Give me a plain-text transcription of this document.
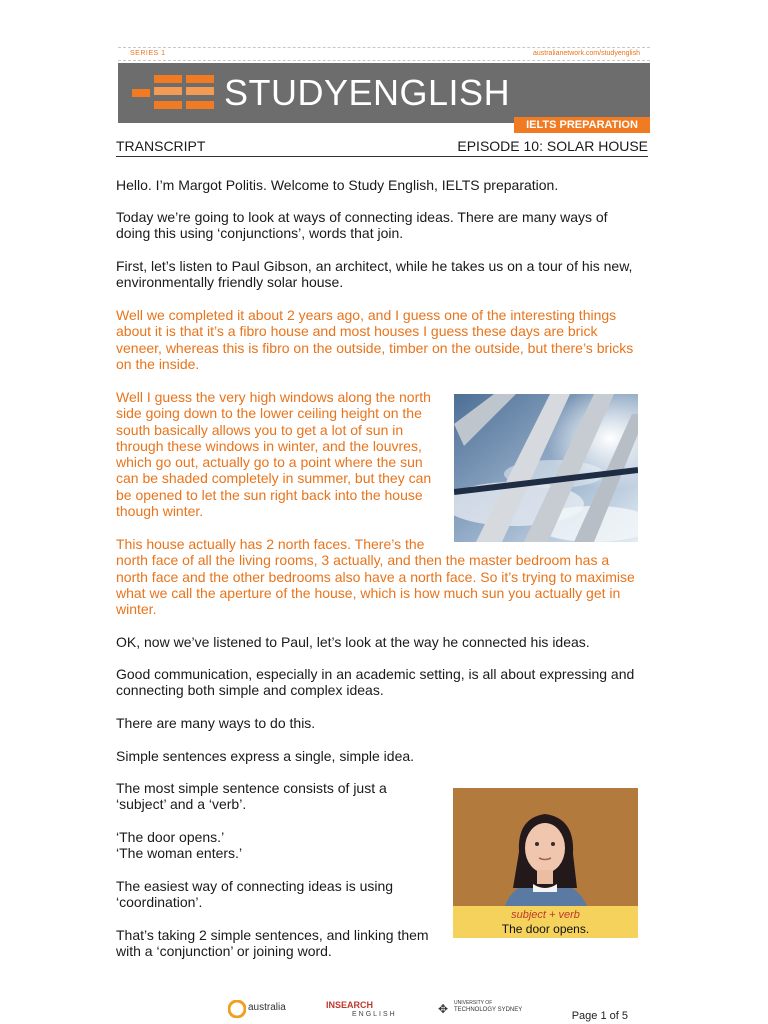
SERIES 1	australianetwork.com/studyenglish
STUDYENGLISH
IELTS PREPARATION
TRANSCRIPT	EPISODE 10: SOLAR HOUSE
Hello. I’m Margot Politis. Welcome to Study English, IELTS preparation.
Today we’re going to look at ways of connecting ideas. There are many ways of
doing this using ‘conjunctions’, words that join.
First, let’s listen to Paul Gibson, an architect, while he takes us on a tour of his new,
environmentally friendly solar house.
Well we completed it about 2 years ago, and I guess one of the interesting things
about it is that it’s a fibro house and most houses I guess these days are brick
veneer, whereas this is fibro on the outside, timber on the outside, but there’s bricks
on the inside.
Well I guess the very high windows along the north
side going down to the lower ceiling height on the
south basically allows you to get a lot of sun in
through these windows in winter, and the louvres,
which go out, actually go to a point where the sun
can be shaded completely in summer, but they can
be opened to let the sun right back into the house
though winter.
This house actually has 2 north faces. There’s the
north face of all the living rooms, 3 actually, and then the master bedroom has a
north face and the other bedrooms also have a north face. So it’s trying to maximise
what we call the aperture of the house, which is how much sun you actually get in
winter.
OK, now we’ve listened to Paul, let’s look at the way he connected his ideas.
Good communication, especially in an academic setting, is all about expressing and
connecting both simple and complex ideas.
There are many ways to do this.
Simple sentences express a single, simple idea.
The most simple sentence consists of just a
‘subject’ and a ‘verb’.
‘The door opens.’
‘The woman enters.’
The easiest way of connecting ideas is using
‘coordination’.
That’s taking 2 simple sentences, and linking them
with a ‘conjunction’ or joining word.
subject + verb
The door opens.
australia	INSEARCH
ENGLISH	✥ UNIVERSITY OF
TECHNOLOGY SYDNEY	Page 1 of 5
